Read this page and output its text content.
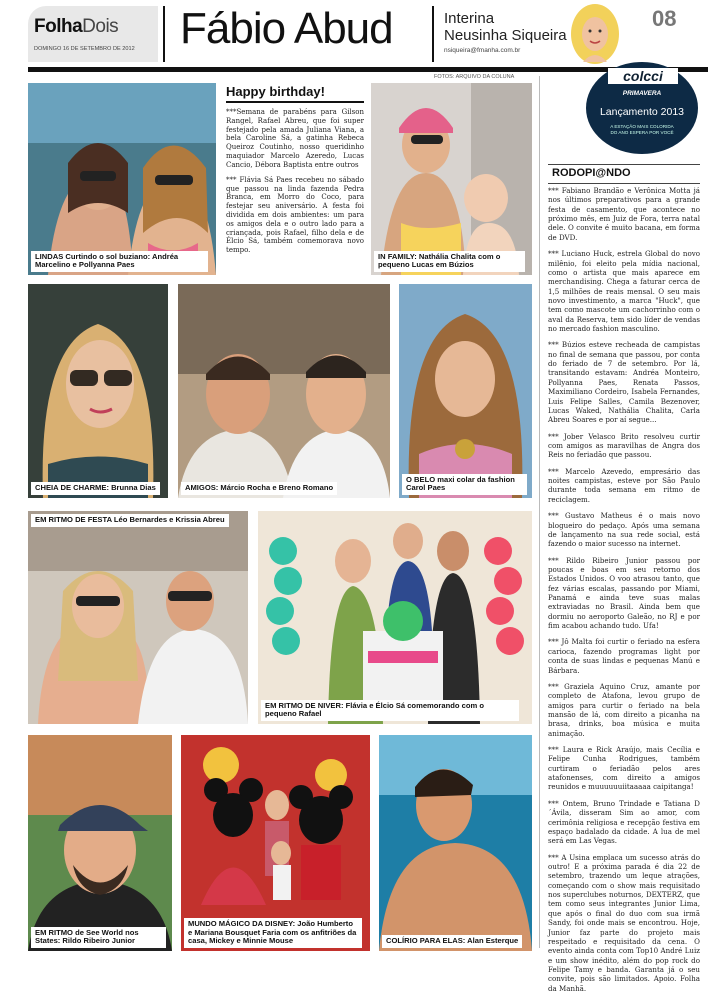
FolhaDois
DOMINGO 16 DE SETEMBRO DE 2012 Fábio Abud	Interina
Neusinha Siqueira
nsiqueira@fmanha.com.br
08
FOTOS: ARQUIVO DA COLUNA
LINDAS Curtindo o sol buziano: Andréa Marcelino e Pollyanna Paes
Happy birthday!

***Semana de parabéns para Gilson Rangel, Rafael Abreu, que foi super festejado pela amada Juliana Viana, a bela Caroline Sá, a gatinha Rebeca Queiroz Coutinho, nosso queridinho maquiador Marcelo Azeredo, Lucas Cancio, Débora Baptista entre outros

*** Flávia Sá Paes recebeu no sábado que passou na linda fazenda Pedra Branca, em Morro do Coco, para festejar seu aniversário. A festa foi dividida em dois ambientes: um para os amigos dela e o outro lado para a criançada, pois Rafael, filho dela e de Élcio Sá, também comemorava novo tempo.

IN FAMILY: Nathália Chalita com o pequeno Lucas em Búzios
CHEIA DE CHARME: Brunna Dias	AMIGOS: Márcio Rocha e Breno Romano
O BELO maxi colar da fashion Carol Paes
EM RITMO DE FESTA Léo Bernardes e Krissia Abreu
EM RITMO DE NIVER: Flávia e Élcio Sá comemorando com o pequeno Rafael
EM RITMO de See World nos States: Rildo Ribeiro Junior
MUNDO MÁGICO DA DISNEY: João Humberto e Mariana Bousquet Faria com os anfitriões da casa, Mickey e Minnie Mouse	COLÍRIO PARA ELAS: Alan Esterque
colcci
PRIMAVERA
Lançamento 2013
A ESTAÇÃO MAIS COLORIDA DO ANO ESPERA POR VOCÊ
RODOPI@NDO

*** Fabiano Brandão e Verônica Motta já nos últimos preparativos para a grande festa de casamento, que acontece no próximo mês, em Juiz de Fora, terra natal dele. O convite é muito bacana, em forma de DVD.

*** Luciano Huck, estrela Global do novo milênio, foi eleito pela mídia nacional, como o artista que mais aparece em merchandising. Chega a faturar cerca de 1,5 milhões de reais mensal. O seu mais novo investimento, a marca "Huck", que tem como mascote um cachorrinho com o aval da Reserva, tem sido líder de vendas no mercado fashion masculino.

*** Búzios esteve recheada de campistas no final de semana que passou, por conta do feriado de 7 de setembro. Por lá, transitando estavam: Andréa Monteiro, Pollyanna Paes, Renata Passos, Maximiliano Cordeiro, Isabela Fernandes, Luis Felipe Salles, Camila Bezenover, Lucas Waked, Nathália Chalita, Carla Abreu Soares e por aí segue...

*** Jober Velasco Brito resolveu curtir com amigos as maravilhas de Angra dos Reis no feriadão que passou.

*** Marcelo Azevedo, empresário das noites campistas, esteve por São Paulo durante toda semana em ritmo de reciclagem.

*** Gustavo Matheus é o mais novo blogueiro do pedaço. Após uma semana de lançamento na sua rede social, está fazendo o maior sucesso na internet.

*** Rildo Ribeiro Junior passou por poucas e boas em seu retorno dos Estados Unidos. O voo atrasou tanto, que fez várias escalas, passando por Miami, Panamá e ainda teve suas malas extraviadas no Brasil. Ainda bem que dormiu no aeroporto Galeão, no RJ e por fim acabou achando tudo. Ufa!

*** Jô Malta foi curtir o feriado na esfera carioca, fazendo programas light por conta de suas lindas e pequenas Manú e Bárbara.

*** Graziela Aquino Cruz, amante por completo de Atafona, levou grupo de amigos para curtir o feriado na bela mansão de lá, com direito a picanha na brasa, drinks, boa música e muita animação.

*** Laura e Rick Araújo, mais Cecília e Felipe Cunha Rodrigues, também curtiram o feriadão pelos ares atafonenses, com direito a amigos reunidos e muuuuuuiitaaaaa caipitanga!

*** Ontem, Bruno Trindade e Tatiana D´Ávila, disseram Sim ao amor, com cerimônia religiosa e recepção festiva em espaço badalado da cidade. A lua de mel será em Las Vegas.

*** A Usina emplaca um sucesso atrás do outro! E a próxima parada é dia 22 de setembro, trazendo um leque atrações, começando com o show mais requisitado nos superclubes noturnos, DEXTERZ, que tem como seus integrantes Junior Lima, que após o final do duo com sua irmã Sandy, foi onde mais se encontrou. Hoje, Junior faz parte do projeto mais respeitado e requisitado da cena. O evento ainda conta com Top10 André Luiz e um show inédito, além do pop rock do Felipe Tamy e banda. Garanta já o seu convite, pois são limitados. Apoio. Folha da Manhã.
